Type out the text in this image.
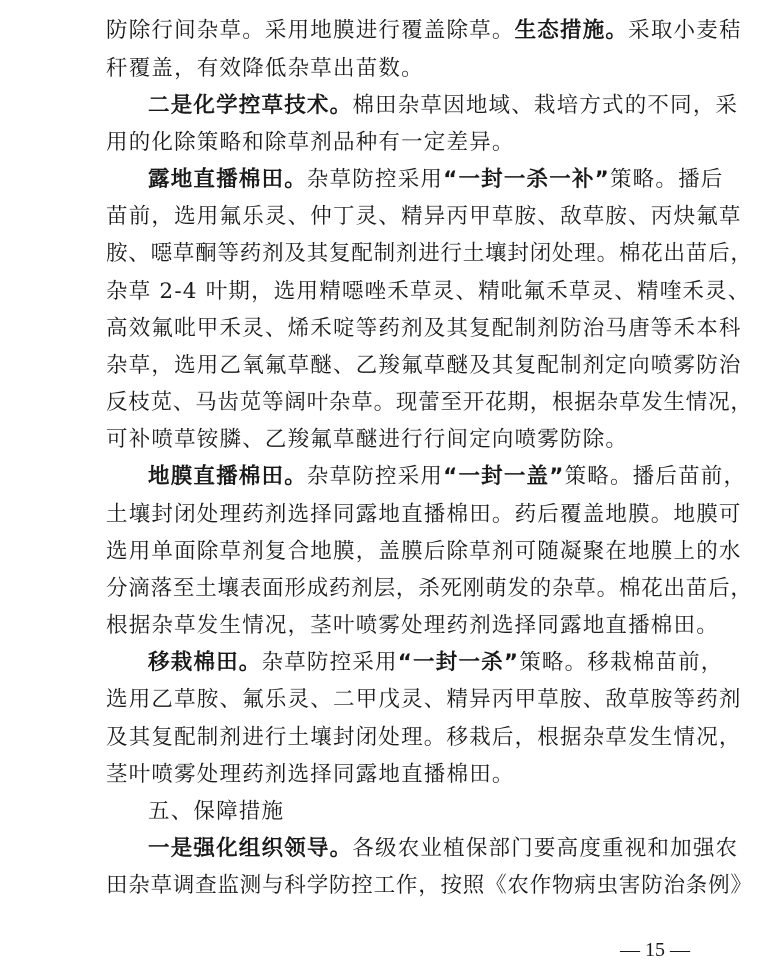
防除行间杂草。采用地膜进行覆盖除草。生态措施。采取小麦秸
秆覆盖，有效降低杂草出苗数。
二是化学控草技术。棉田杂草因地域、栽培方式的不同，采
用的化除策略和除草剂品种有一定差异。
露地直播棉田。杂草防控采用“一封一杀一补”策略。播后
苗前，选用氟乐灵、仲丁灵、精异丙甲草胺、敌草胺、丙炔氟草
胺、噁草酮等药剂及其复配制剂进行土壤封闭处理。棉花出苗后，
杂草 2-4 叶期，选用精噁唑禾草灵、精吡氟禾草灵、精喹禾灵、
高效氟吡甲禾灵、烯禾啶等药剂及其复配制剂防治马唐等禾本科
杂草，选用乙氧氟草醚、乙羧氟草醚及其复配制剂定向喷雾防治
反枝苋、马齿苋等阔叶杂草。现蕾至开花期，根据杂草发生情况，
可补喷草铵膦、乙羧氟草醚进行行间定向喷雾防除。
地膜直播棉田。杂草防控采用“一封一盖”策略。播后苗前，
土壤封闭处理药剂选择同露地直播棉田。药后覆盖地膜。地膜可
选用单面除草剂复合地膜，盖膜后除草剂可随凝聚在地膜上的水
分滴落至土壤表面形成药剂层，杀死刚萌发的杂草。棉花出苗后，
根据杂草发生情况，茎叶喷雾处理药剂选择同露地直播棉田。
移栽棉田。杂草防控采用“一封一杀”策略。移栽棉苗前，
选用乙草胺、氟乐灵、二甲戊灵、精异丙甲草胺、敌草胺等药剂
及其复配制剂进行土壤封闭处理。移栽后，根据杂草发生情况，
茎叶喷雾处理药剂选择同露地直播棉田。
五、保障措施
一是强化组织领导。各级农业植保部门要高度重视和加强农
田杂草调查监测与科学防控工作，按照《农作物病虫害防治条例》
— 15 —
